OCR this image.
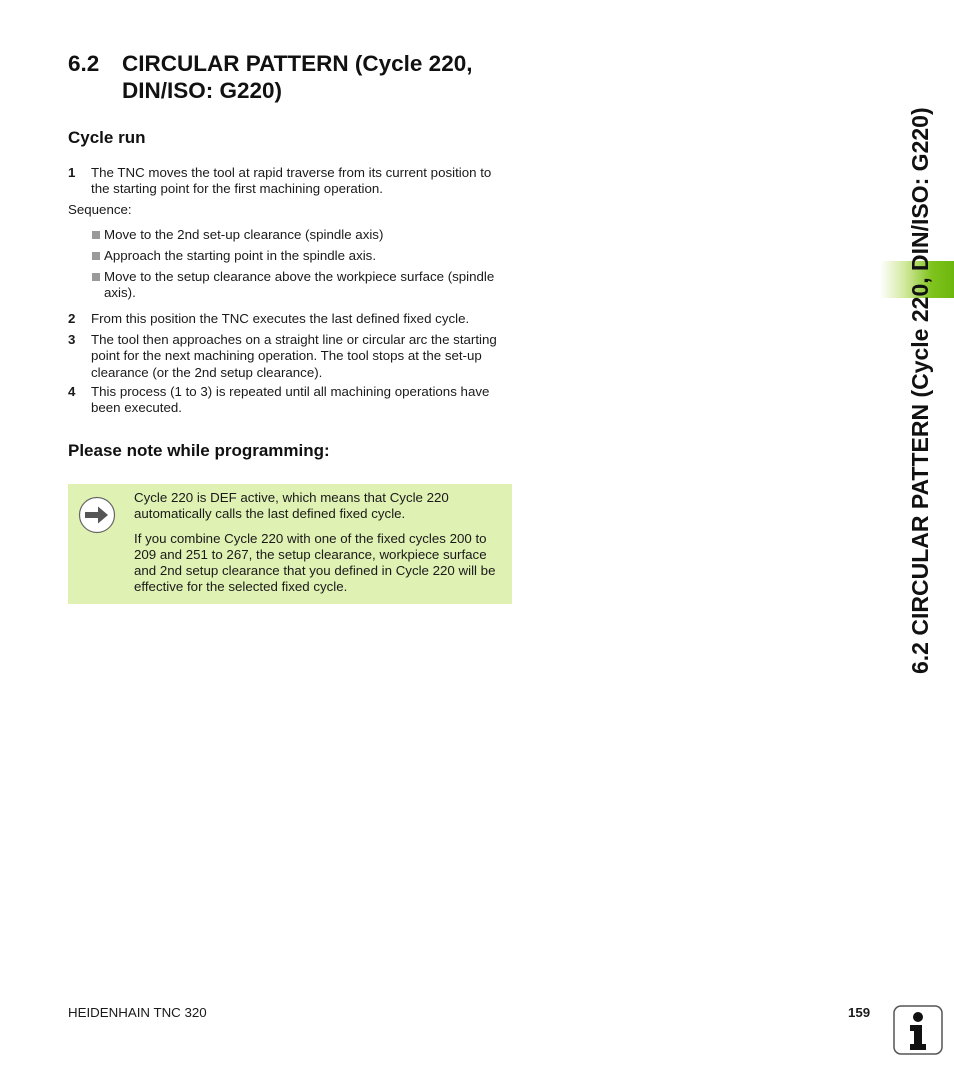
6.2 CIRCULAR PATTERN (Cycle 220,
DIN/ISO: G220)
Cycle run
1 The TNC moves the tool at rapid traverse from its current position to the starting point for the first machining operation.
Sequence:
Move to the 2nd set-up clearance (spindle axis)
Approach the starting point in the spindle axis.
Move to the setup clearance above the workpiece surface (spindle axis).
2 From this position the TNC executes the last defined fixed cycle.
3 The tool then approaches on a straight line or circular arc the starting point for the next machining operation. The tool stops at the set-up clearance (or the 2nd setup clearance).
4 This process (1 to 3) is repeated until all machining operations have been executed.
Please note while programming:

Cycle 220 is DEF active, which means that Cycle 220 automatically calls the last defined fixed cycle.

If you combine Cycle 220 with one of the fixed cycles 200 to 209 and 251 to 267, the setup clearance, workpiece surface and 2nd setup clearance that you defined in Cycle 220 will be effective for the selected fixed cycle.	6.2 CIRCULAR PATTERN (Cycle 220, DIN/ISO: G220)
HEIDENHAIN TNC 320	159
